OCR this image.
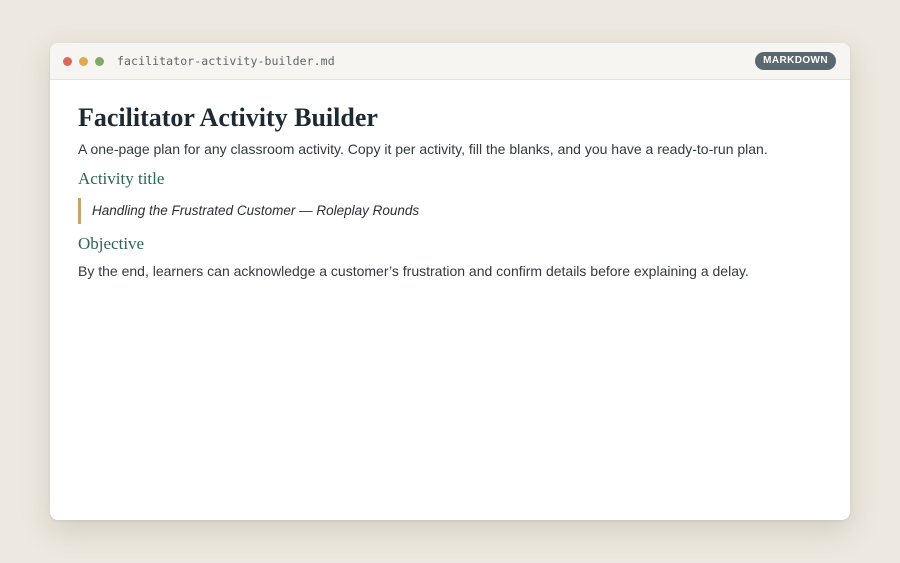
facilitator-activity-builder.md	MARKDOWN
Facilitator Activity Builder

A one-page plan for any classroom activity. Copy it per activity, fill the blanks, and you have a ready-to-run plan.

Activity title
Handling the Frustrated Customer — Roleplay Rounds
Objective

By the end, learners can acknowledge a customer’s frustration and confirm details before explaining a delay.
